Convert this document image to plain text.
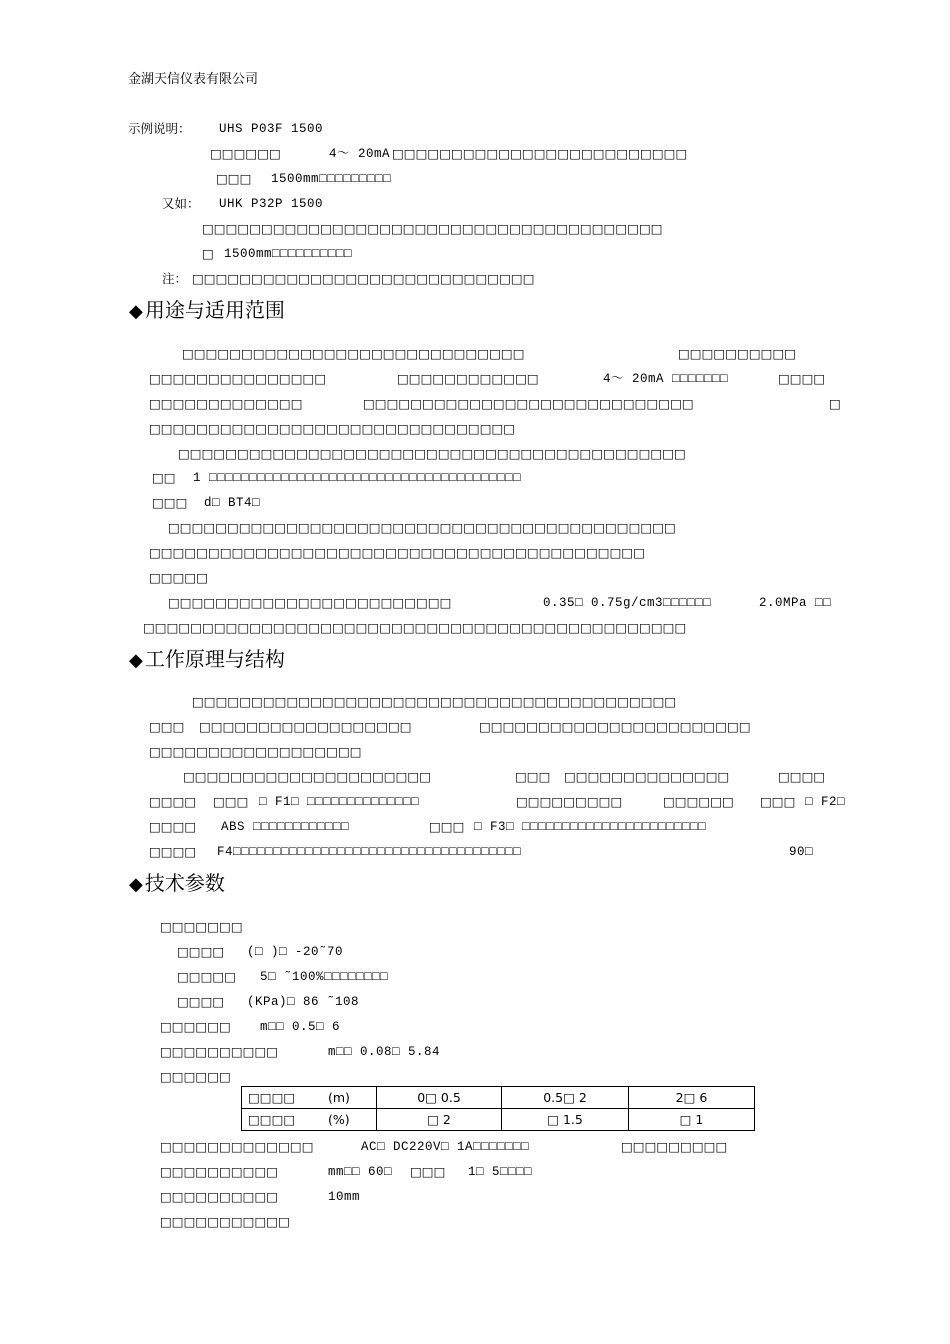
金湖天信仪表有限公司
示例说明： UHS P03F 1500
□□□□□□	4～ 20mA □□□□□□□□□□□□□□□□□□□□□□□□□
□□□ 1500mm□□□□□□□□□
又如： UHK P32P 1500
□□□□□□□□□□□□□□□□□□□□□□□□□□□□□□□□□□□□□□□
□ 1500mm□□□□□□□□□□
注： □□□□□□□□□□□□□□□□□□□□□□□□□□□□□
◆ 用途与适用范围
□□□□□□□□□□□□□□□□□□□□□□□□□□□□□	□□□□□□□□□□
□□□□□□□□□□□□□□□	□□□□□□□□□□□□	4～ 20mA □□□□□□□	□□□□
□□□□□□□□□□□□□	□□□□□□□□□□□□□□□□□□□□□□□□□□□□	□
□□□□□□□□□□□□□□□□□□□□□□□□□□□□□□□
□□□□□□□□□□□□□□□□□□□□□□□□□□□□□□□□□□□□□□□□□□□
□□ 1 □□□□□□□□□□□□□□□□□□□□□□□□□□□□□□□□□□□□□□□
□□□ d□ BT4□
□□□□□□□□□□□□□□□□□□□□□□□□□□□□□□□□□□□□□□□□□□□
□□□□□□□□□□□□□□□□□□□□□□□□□□□□□□□□□□□□□□□□□□
□□□□□
□□□□□□□□□□□□□□□□□□□□□□□□	0.35□ 0.75g/cm3□□□□□□	2.0MPa □□
□□□□□□□□□□□□□□□□□□□□□□□□□□□□□□□□□□□□□□□□□□□□□□
◆ 工作原理与结构
□□□□□□□□□□□□□□□□□□□□□□□□□□□□□□□□□□□□□□□□□
□□□ □□□□□□□□□□□□□□□□□□	□□□□□□□□□□□□□□□□□□□□□□□
□□□□□□□□□□□□□□□□□□
□□□□□□□□□□□□□□□□□□□□□	□□□ □□□□□□□□□□□□□□	□□□□
□□□□ □□□ □ F1□ □□□□□□□□□□□□□□	□□□□□□□□□	□□□□□□ □□□ □ F2□
□□□□ ABS □□□□□□□□□□□□	□□□ □ F3□ □□□□□□□□□□□□□□□□□□□□□□□
□□□□ F4□□□□□□□□□□□□□□□□□□□□□□□□□□□□□□□□□□□□	90□
◆ 技术参数
□□□□□□□
□□□□ (□ )□ -20˜70
□□□□□ 5□ ˜100%□□□□□□□□
□□□□ (KPa)□ 86 ˜108
□□□□□□ m□□ 0.5□ 6
□□□□□□□□□□	m□□ 0.08□ 5.84
□□□□□□
□□□□	(m)	0□ 0.5	0.5□ 2	2□ 6
□□□□	(%)	□ 2	□ 1.5	□ 1
□□□□□□□□□□□□□	AC□ DC220V□ 1A□□□□□□□	□□□□□□□□□
□□□□□□□□□□	mm□□ 60□ □□□ 1□ 5□□□□
□□□□□□□□□□	10mm
□□□□□□□□□□□
